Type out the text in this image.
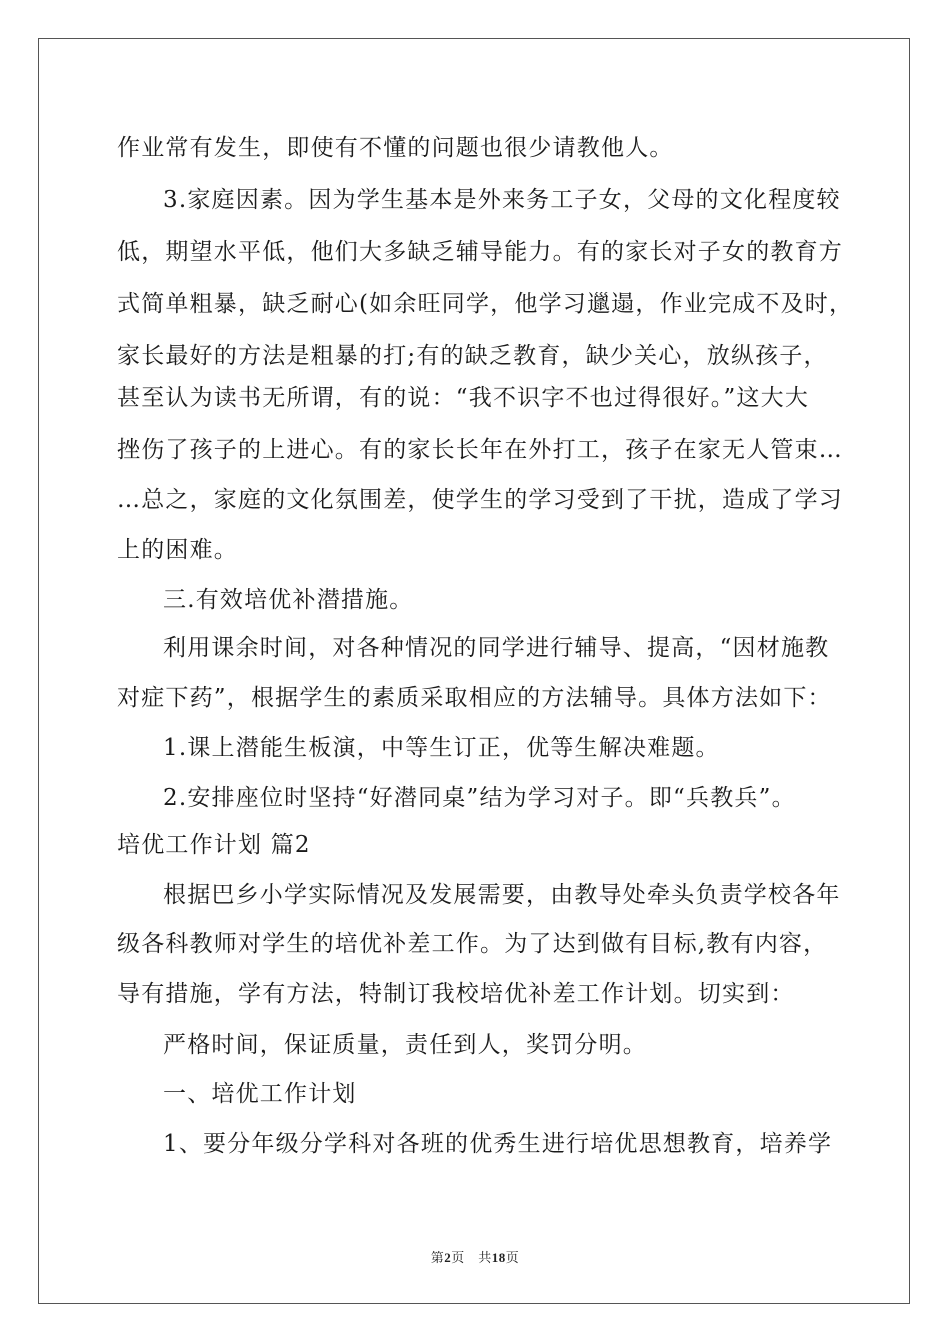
作业常有发生，即使有不懂的问题也很少请教他人。
3.家庭因素。因为学生基本是外来务工子女，父母的文化程度较
低，期望水平低，他们大多缺乏辅导能力。有的家长对子女的教育方
式简单粗暴，缺乏耐心(如余旺同学，他学习邋遢，作业完成不及时，
家长最好的方法是粗暴的打;有的缺乏教育，缺少关心，放纵孩子，
甚至认为读书无所谓，有的说：“我不识字不也过得很好。”这大大
挫伤了孩子的上进心。有的家长长年在外打工，孩子在家无人管束…
…总之，家庭的文化氛围差，使学生的学习受到了干扰，造成了学习
上的困难。
三.有效培优补潜措施。
利用课余时间，对各种情况的同学进行辅导、提高，“因材施教
对症下药”，根据学生的素质采取相应的方法辅导。具体方法如下：
1.课上潜能生板演，中等生订正，优等生解决难题。
2.安排座位时坚持“好潜同桌”结为学习对子。即“兵教兵”。
培优工作计划 篇2
根据巴乡小学实际情况及发展需要，由教导处牵头负责学校各年
级各科教师对学生的培优补差工作。为了达到做有目标,教有内容，
导有措施，学有方法，特制订我校培优补差工作计划。切实到：
严格时间，保证质量，责任到人，奖罚分明。
一、培优工作计划
1、要分年级分学科对各班的优秀生进行培优思想教育，培养学
第2页　共18页
